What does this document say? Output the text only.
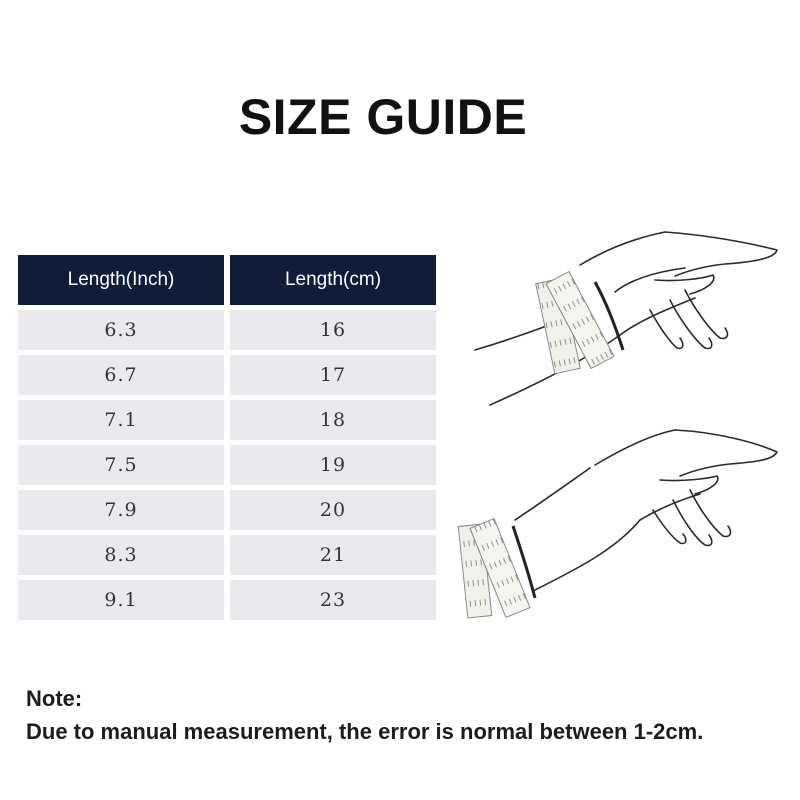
SIZE GUIDE
Length(Inch)	Length(cm)
6.3	16
6.7	17
7.1	18
7.5	19
7.9	20
8.3	21
9.1	23
Note:
Due to manual measurement, the error is normal between 1-2cm.
